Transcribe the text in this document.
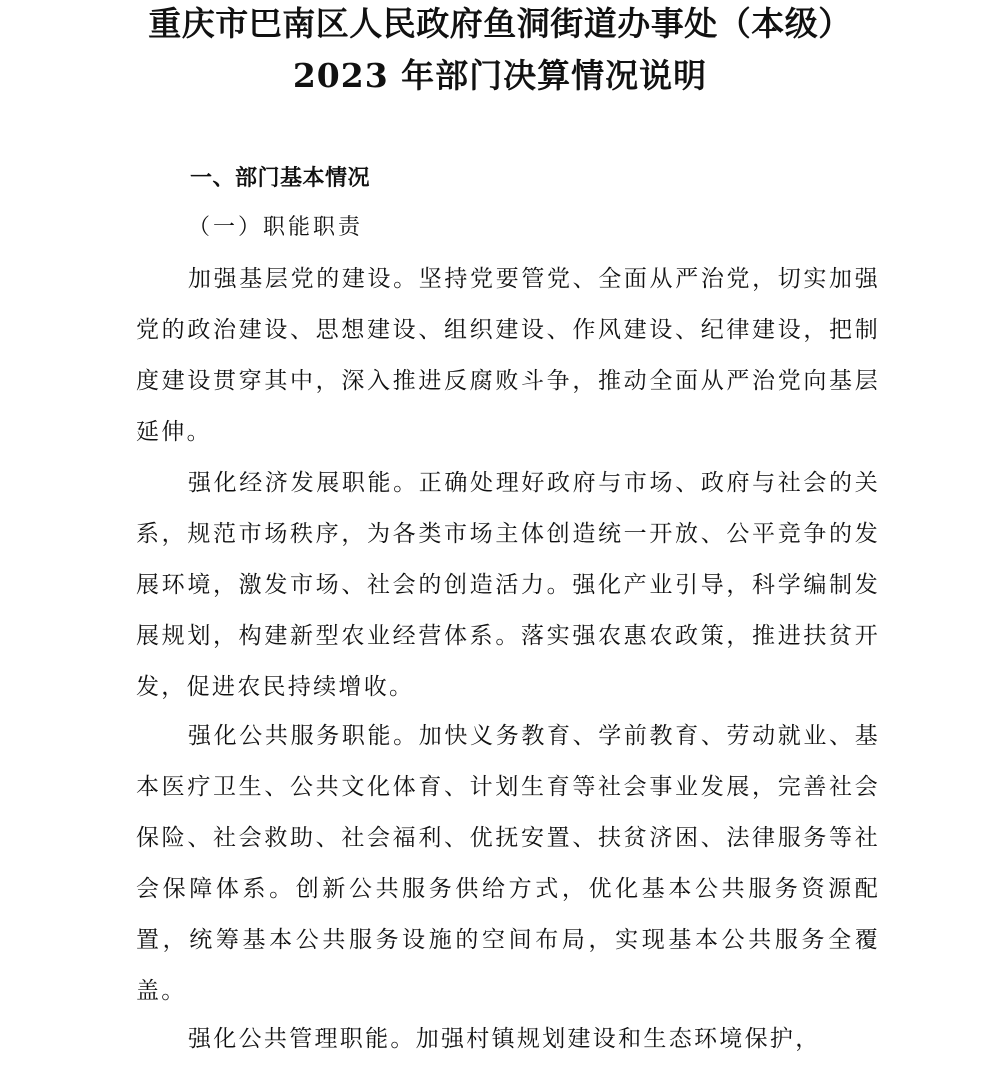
重庆市巴南区人民政府鱼洞街道办事处（本级）
2023 年部门决算情况说明
一、部门基本情况
（一）职能职责

加强基层党的建设。坚持党要管党、全面从严治党，切实加强党的政治建设、思想建设、组织建设、作风建设、纪律建设，把制度建设贯穿其中，深入推进反腐败斗争，推动全面从严治党向基层延伸。

强化经济发展职能。正确处理好政府与市场、政府与社会的关系，规范市场秩序，为各类市场主体创造统一开放、公平竞争的发展环境，激发市场、社会的创造活力。强化产业引导，科学编制发展规划，构建新型农业经营体系。落实强农惠农政策，推进扶贫开发，促进农民持续增收。

强化公共服务职能。加快义务教育、学前教育、劳动就业、基本医疗卫生、公共文化体育、计划生育等社会事业发展，完善社会保险、社会救助、社会福利、优抚安置、扶贫济困、法律服务等社会保障体系。创新公共服务供给方式，优化基本公共服务资源配置，统筹基本公共服务设施的空间布局，实现基本公共服务全覆盖。

强化公共管理职能。加强村镇规划建设和生态环境保护，
